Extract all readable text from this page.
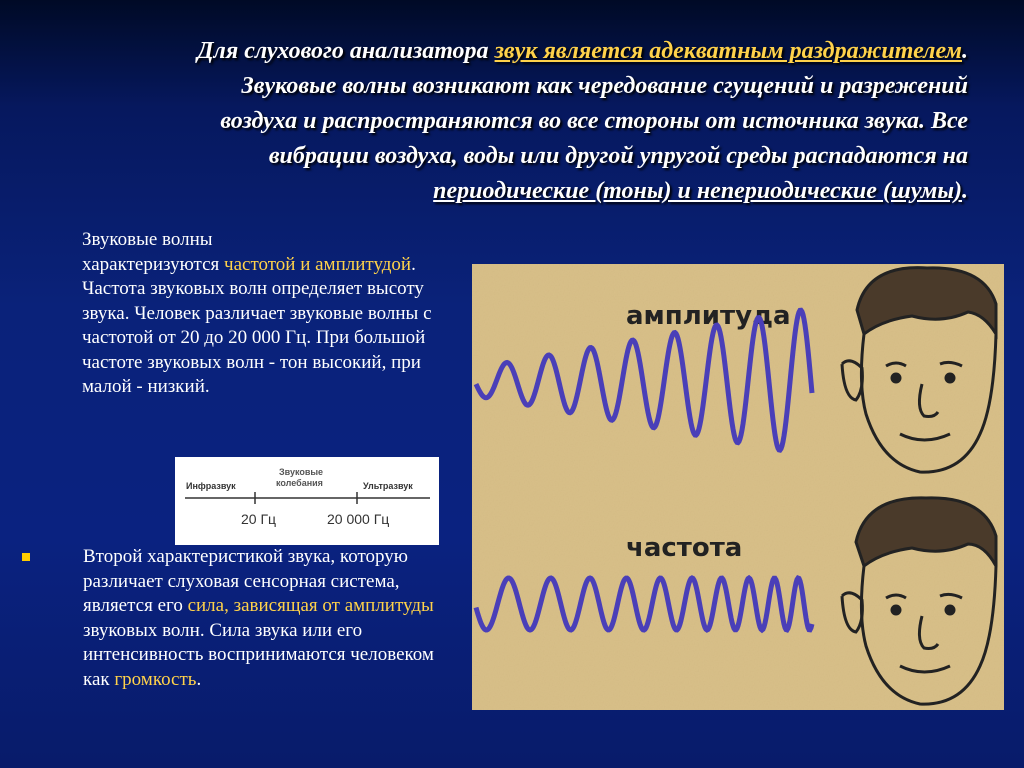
Для слухового анализатора звук является адекватным раздражителем.
Звуковые волны возникают как чередование сгущений и разрежений
воздуха и распространяются во все стороны от источника звука. Все
вибрации воздуха, воды или другой упругой среды распадаются на
периодические (тоны) и непериодические (шумы).
Звуковые волны
характеризуются частотой и амплитудой. Частота звуковых волн определяет высоту звука. Человек различает звуковые волны с частотой от 20 до 20 000 Гц. При большой частоте звуковых волн - тон высокий, при малой - низкий.
Инфразвук
Звуковые
колебания	Ультразвук
20 Гц	20 000 Гц
Второй характеристикой звука, которую различает слуховая сенсорная система, является его сила, зависящая от амплитуды звуковых волн. Сила звука или его интенсивность воспринимаются человеком как громкость.
амплитуда
частота
